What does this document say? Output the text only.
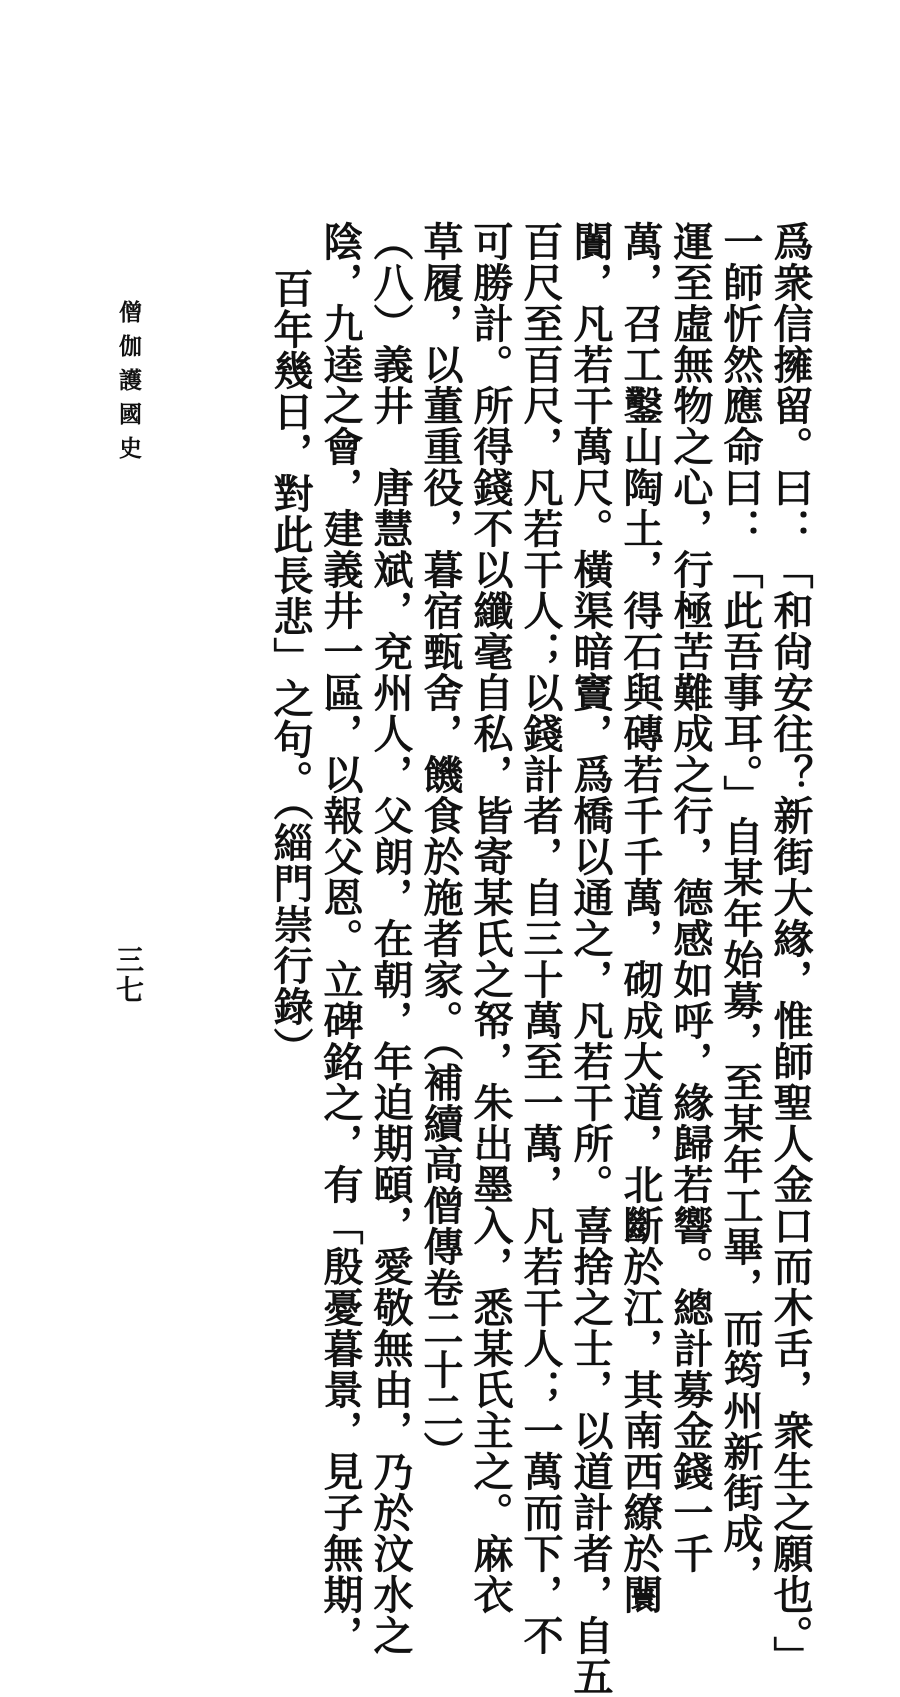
僧伽護國史
三七	爲衆信擁留。曰：「和尙安往？新街大緣，惟師聖人金口而木舌，衆生之願也。」
一師忻然應命曰：「此吾事耳。」自某年始募，至某年工畢，而筠州新街成，
運至虛無物之心，行極苦難成之行，德感如呼，緣歸若響。總計募金錢一千
萬，召工鑿山陶土，得石與磚若千千萬，砌成大道，北斷於江，其南西繚於闤
闠，凡若干萬尺。橫渠暗竇，爲橋以通之，凡若干所。喜捨之士，以道計者，自五
百尺至百尺，凡若干人；以錢計者，自三十萬至一萬，凡若干人；一萬而下，不
可勝計。所得錢不以纖毫自私，皆寄某氏之帑，朱出墨入，悉某氏主之。麻衣
草履，以董重役，暮宿甄舍，饑食於施者家。（補續高僧傳卷二十二）
（八）義井　唐慧斌，兗州人，父朗，在朝，年迫期頤，愛敬無由，乃於汶水之
陰，九逵之會，建義井一區，以報父恩。立碑銘之，有「殷憂暮景，見子無期，
百年幾日，對此長悲」之句。（緇門崇行錄）
